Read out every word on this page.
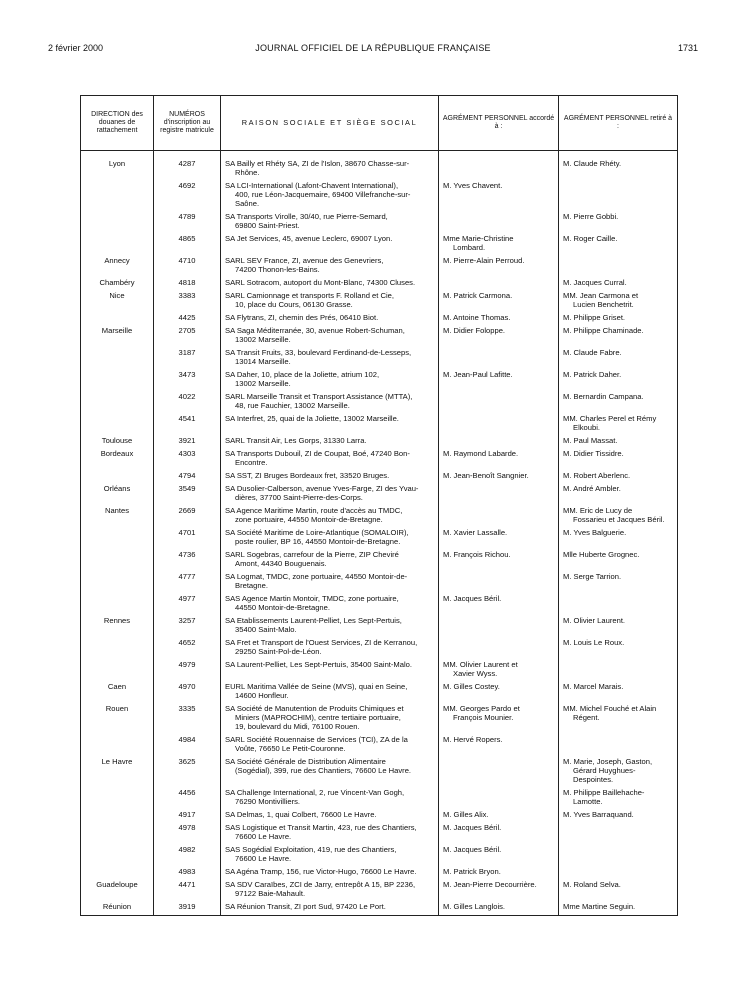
2 février 2000	JOURNAL OFFICIEL DE LA RÉPUBLIQUE FRANÇAISE	1731
DIRECTION des douanes de rattachement	NUMÉROS d'inscription au registre matricule	RAISON SOCIALE ET SIÈGE SOCIAL	AGRÉMENT PERSONNEL accordé à :	AGRÉMENT PERSONNEL retiré à :
Lyon	4287	SA Bailly et Rhéty SA, ZI de l'Islon, 38670 Chasse-sur-
Rhône.		M. Claude Rhéty.

	4692	SA LCI-International (Lafont-Chavent International),
400, rue Léon-Jacquemaire, 69400 Villefranche-sur-
Saône.	M. Yves Chavent.	

	4789	SA Transports Virolle, 30/40, rue Pierre-Semard,
69800 Saint-Priest.		M. Pierre Gobbi.

	4865	SA Jet Services, 45, avenue Leclerc, 69007 Lyon.	Mme Marie-Christine
Lombard.	M. Roger Caille.

Annecy	4710	SARL SEV France, ZI, avenue des Genevriers,
74200 Thonon-les-Bains.	M. Pierre-Alain Perroud.	

Chambéry	4818	SARL Sotracom, autoport du Mont-Blanc, 74300 Cluses.		M. Jacques Curral.

Nice	3383	SARL Camionnage et transports F. Rolland et Cie,
10, place du Cours, 06130 Grasse.	M. Patrick Carmona.	MM. Jean Carmona et
Lucien Benchetrit.

	4425	SA Flytrans, ZI, chemin des Prés, 06410 Biot.	M. Antoine Thomas.	M. Philippe Griset.

Marseille	2705	SA Saga Méditerranée, 30, avenue Robert-Schuman,
13002 Marseille.	M. Didier Foloppe.	M. Philippe Chaminade.

	3187	SA Transit Fruits, 33, boulevard Ferdinand-de-Lesseps,
13014 Marseille.		M. Claude Fabre.

	3473	SA Daher, 10, place de la Joliette, atrium 102,
13002 Marseille.	M. Jean-Paul Lafitte.	M. Patrick Daher.

	4022	SARL Marseille Transit et Transport Assistance (MTTA),
48, rue Fauchier, 13002 Marseille.		M. Bernardin Campana.

	4541	SA Interfret, 25, quai de la Joliette, 13002 Marseille.		MM. Charles Perel et Rémy
Elkoubi.

Toulouse	3921	SARL Transit Air, Les Gorps, 31330 Larra.		M. Paul Massat.

Bordeaux	4303	SA Transports Dubouil, ZI de Coupat, Boé, 47240 Bon-
Encontre.	M. Raymond Labarde.	M. Didier Tissidre.

	4794	SA SST, ZI Bruges Bordeaux fret, 33520 Bruges.	M. Jean-Benoît Sangnier.	M. Robert Aberlenc.

Orléans	3549	SA Dusolier-Calberson, avenue Yves-Farge, ZI des Yvau-
dières, 37700 Saint-Pierre-des-Corps.		M. André Ambler.

Nantes	2669	SA Agence Maritime Martin, route d'accès au TMDC,
zone portuaire, 44550 Montoir-de-Bretagne.		MM. Eric de Lucy de
Fossarieu et Jacques Béril.

	4701	SA Société Maritime de Loire-Atlantique (SOMALOIR),
poste roulier, BP 16, 44550 Montoir-de-Bretagne.	M. Xavier Lassalle.	M. Yves Balguerie.

	4736	SARL Sogebras, carrefour de la Pierre, ZIP Cheviré
Amont, 44340 Bouguenais.	M. François Richou.	Mlle Huberte Grognec.

	4777	SA Logmat, TMDC, zone portuaire, 44550 Montoir-de-
Bretagne.		M. Serge Tarrion.

	4977	SAS Agence Martin Montoir, TMDC, zone portuaire,
44550 Montoir-de-Bretagne.	M. Jacques Béril.	

Rennes	3257	SA Etablissements Laurent-Pelliet, Les Sept-Pertuis,
35400 Saint-Malo.		M. Olivier Laurent.

	4652	SA Fret et Transport de l'Ouest Services, ZI de Kerranou,
29250 Saint-Pol-de-Léon.		M. Louis Le Roux.

	4979	SA Laurent-Pelliet, Les Sept-Pertuis, 35400 Saint-Malo.	MM. Olivier Laurent et
Xavier Wyss.	

Caen	4970	EURL Maritima Vallée de Seine (MVS), quai en Seine,
14600 Honfleur.	M. Gilles Costey.	M. Marcel Marais.

Rouen	3335	SA Société de Manutention de Produits Chimiques et
Miniers (MAPROCHIM), centre tertiaire portuaire,
19, boulevard du Midi, 76100 Rouen.	MM. Georges Pardo et
François Mounier.	MM. Michel Fouché et Alain
Régent.

	4984	SARL Société Rouennaise de Services (TCI), ZA de la
Voûte, 76650 Le Petit-Couronne.	M. Hervé Ropers.	

Le Havre	3625	SA Société Générale de Distribution Alimentaire
(Sogédial), 399, rue des Chantiers, 76600 Le Havre.		M. Marie, Joseph, Gaston,
Gérard Huyghues-
Despointes.

	4456	SA Challenge International, 2, rue Vincent-Van Gogh,
76290 Montivilliers.		M. Philippe Baillehache-
Lamotte.

	4917	SA Delmas, 1, quai Colbert, 76600 Le Havre.	M. Gilles Alix.	M. Yves Barraquand.

	4978	SAS Logistique et Transit Martin, 423, rue des Chantiers,
76600 Le Havre.	M. Jacques Béril.	

	4982	SAS Sogédial Exploitation, 419, rue des Chantiers,
76600 Le Havre.	M. Jacques Béril.	

	4983	SA Agéna Tramp, 156, rue Victor-Hugo, 76600 Le Havre.	M. Patrick Bryon.	

Guadeloupe	4471	SA SDV Caraïbes, ZCI de Jarry, entrepôt A 15, BP 2236,
97122 Baie-Mahault.	M. Jean-Pierre Decourrière.	M. Roland Selva.

Réunion	3919	SA Réunion Transit, ZI port Sud, 97420 Le Port.	M. Gilles Langlois.	Mme Martine Seguin.
